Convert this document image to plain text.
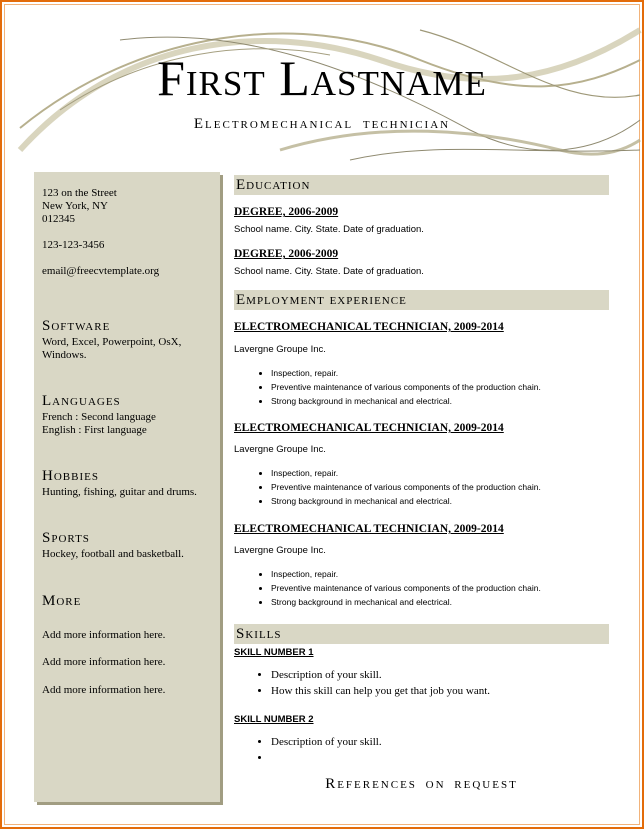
First Lastname
Electromechanical technician
123 on the Street
New York, NY
012345
123-123-3456
email@freecvtemplate.org
Software
Word, Excel, Powerpoint, OsX,
Windows.
Languages
French : Second language
English : First language
Hobbies
Hunting, fishing, guitar and drums.
Sports
Hockey, football and basketball.
More
Add more information here.
Add more information here.
Add more information here.
Education
DEGREE, 2006-2009
School name. City. State. Date of graduation.
DEGREE, 2006-2009
School name. City. State. Date of graduation.
Employment experience
ELECTROMECHANICAL TECHNICIAN, 2009-2014
Lavergne Groupe Inc.
• Inspection, repair.
• Preventive maintenance of various components of the production chain.
• Strong background in mechanical and electrical.
ELECTROMECHANICAL TECHNICIAN, 2009-2014
Lavergne Groupe Inc.
• Inspection, repair.
• Preventive maintenance of various components of the production chain.
• Strong background in mechanical and electrical.
ELECTROMECHANICAL TECHNICIAN, 2009-2014
Lavergne Groupe Inc.
• Inspection, repair.
• Preventive maintenance of various components of the production chain.
• Strong background in mechanical and electrical.
Skills
SKILL NUMBER 1
• Description of your skill.
• How this skill can help you get that job you want.
SKILL NUMBER 2
• Description of your skill.
•
References on request
